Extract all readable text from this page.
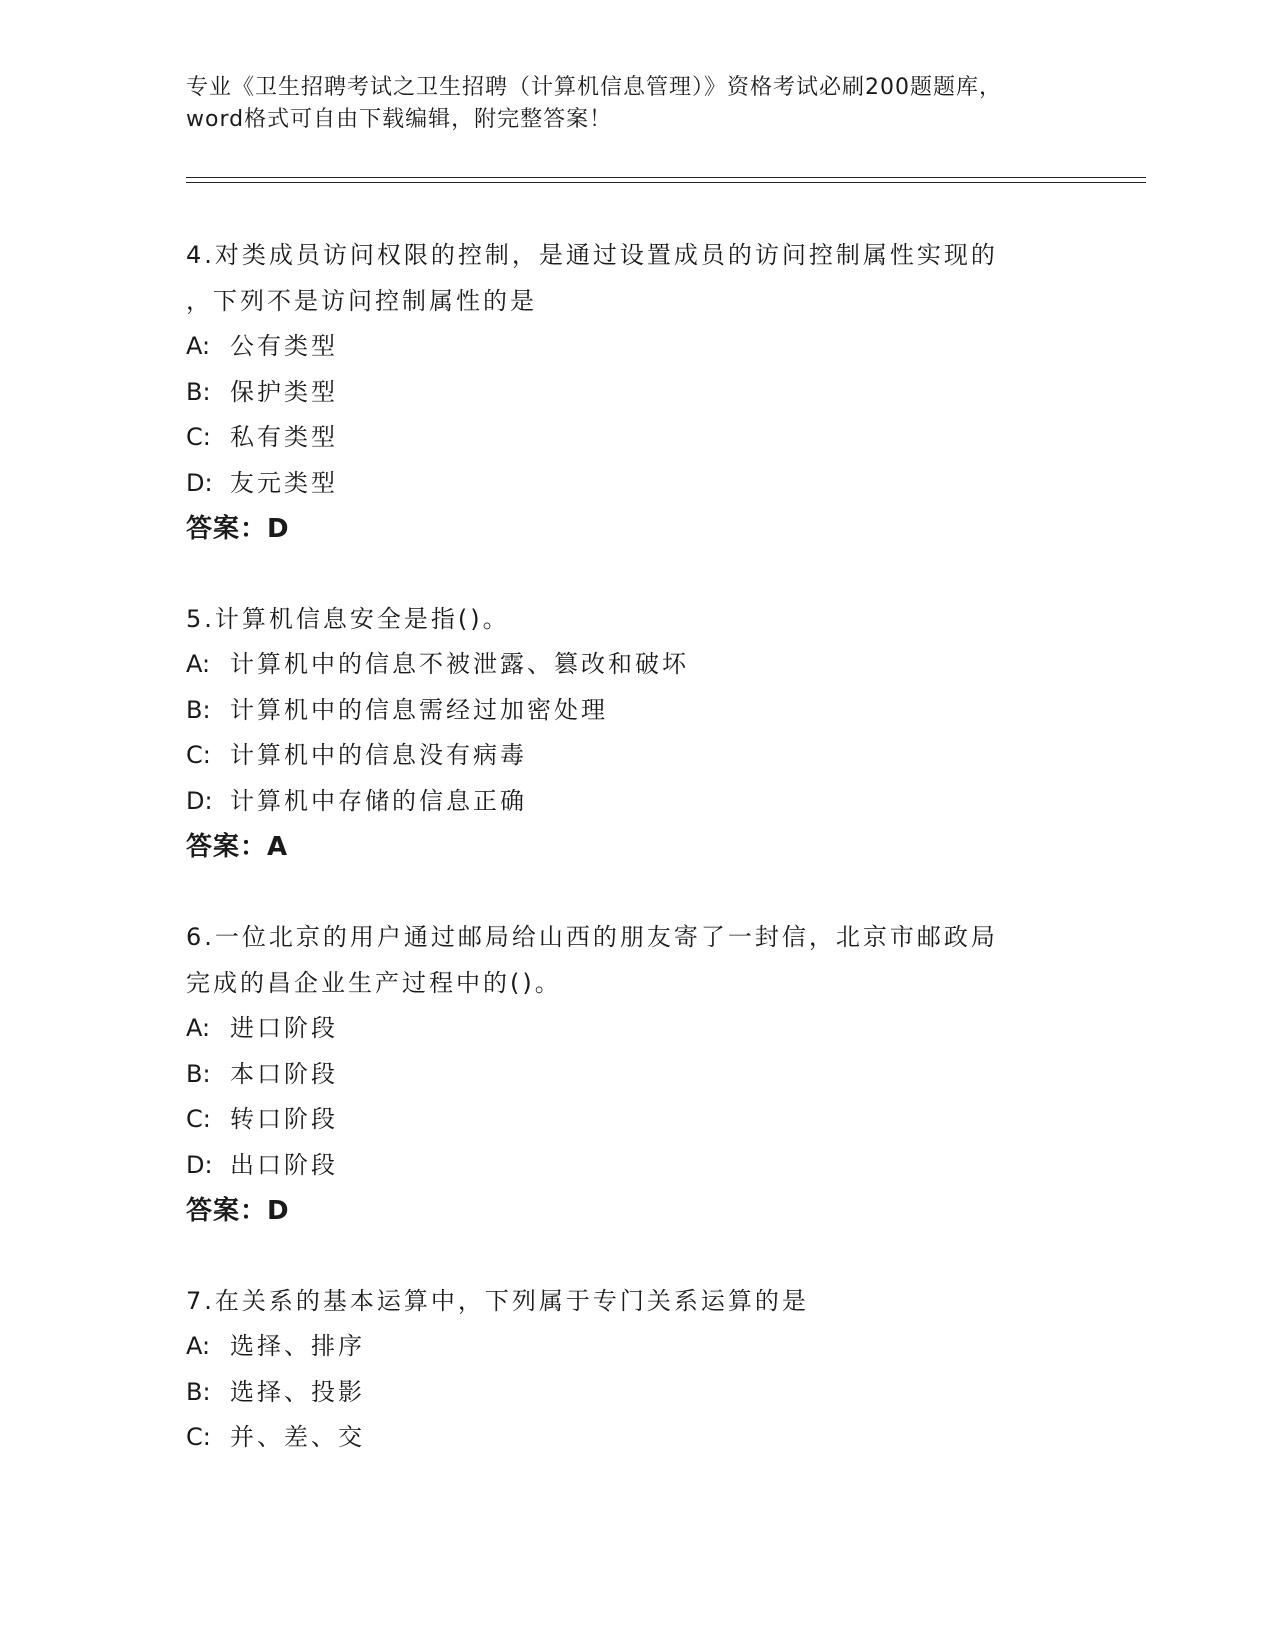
专业《卫生招聘考试之卫生招聘（计算机信息管理）》资格考试必刷200题题库，
word格式可自由下载编辑，附完整答案！
4.对类成员访问权限的控制，是通过设置成员的访问控制属性实现的
，下列不是访问控制属性的是
A: 公有类型
B: 保护类型
C: 私有类型
D: 友元类型
答案：D
5.计算机信息安全是指()。
A: 计算机中的信息不被泄露、篡改和破坏
B: 计算机中的信息需经过加密处理
C: 计算机中的信息没有病毒
D: 计算机中存储的信息正确
答案：A
6.一位北京的用户通过邮局给山西的朋友寄了一封信，北京市邮政局
完成的昌企业生产过程中的()。
A: 进口阶段
B: 本口阶段
C: 转口阶段
D: 出口阶段
答案：D
7.在关系的基本运算中，下列属于专门关系运算的是
A: 选择、排序
B: 选择、投影
C: 并、差、交
